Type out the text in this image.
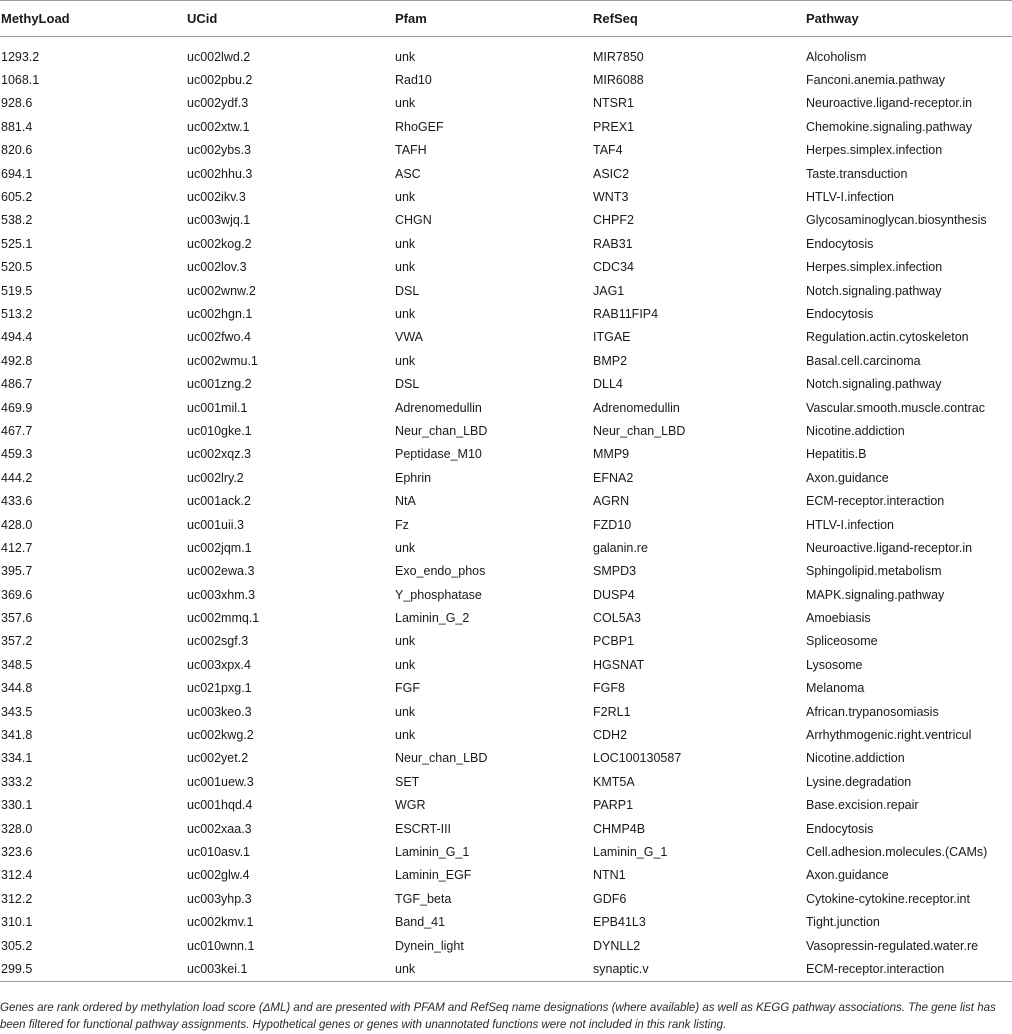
MethyLoad	UCid	Pfam	RefSeq	Pathway

1293.2	uc002lwd.2	unk	MIR7850	Alcoholism
1068.1	uc002pbu.2	Rad10	MIR6088	Fanconi.anemia.pathway
928.6	uc002ydf.3	unk	NTSR1	Neuroactive.ligand-receptor.in
881.4	uc002xtw.1	RhoGEF	PREX1	Chemokine.signaling.pathway
820.6	uc002ybs.3	TAFH	TAF4	Herpes.simplex.infection
694.1	uc002hhu.3	ASC	ASIC2	Taste.transduction
605.2	uc002ikv.3	unk	WNT3	HTLV-I.infection
538.2	uc003wjq.1	CHGN	CHPF2	Glycosaminoglycan.biosynthesis
525.1	uc002kog.2	unk	RAB31	Endocytosis
520.5	uc002lov.3	unk	CDC34	Herpes.simplex.infection
519.5	uc002wnw.2	DSL	JAG1	Notch.signaling.pathway
513.2	uc002hgn.1	unk	RAB11FIP4	Endocytosis
494.4	uc002fwo.4	VWA	ITGAE	Regulation.actin.cytoskeleton
492.8	uc002wmu.1	unk	BMP2	Basal.cell.carcinoma
486.7	uc001zng.2	DSL	DLL4	Notch.signaling.pathway
469.9	uc001mil.1	Adrenomedullin	Adrenomedullin	Vascular.smooth.muscle.contrac
467.7	uc010gke.1	Neur_chan_LBD	Neur_chan_LBD	Nicotine.addiction
459.3	uc002xqz.3	Peptidase_M10	MMP9	Hepatitis.B
444.2	uc002lry.2	Ephrin	EFNA2	Axon.guidance
433.6	uc001ack.2	NtA	AGRN	ECM-receptor.interaction
428.0	uc001uii.3	Fz	FZD10	HTLV-I.infection
412.7	uc002jqm.1	unk	galanin.re	Neuroactive.ligand-receptor.in
395.7	uc002ewa.3	Exo_endo_phos	SMPD3	Sphingolipid.metabolism
369.6	uc003xhm.3	Y_phosphatase	DUSP4	MAPK.signaling.pathway
357.6	uc002mmq.1	Laminin_G_2	COL5A3	Amoebiasis
357.2	uc002sgf.3	unk	PCBP1	Spliceosome
348.5	uc003xpx.4	unk	HGSNAT	Lysosome
344.8	uc021pxg.1	FGF	FGF8	Melanoma
343.5	uc003keo.3	unk	F2RL1	African.trypanosomiasis
341.8	uc002kwg.2	unk	CDH2	Arrhythmogenic.right.ventricul
334.1	uc002yet.2	Neur_chan_LBD	LOC100130587	Nicotine.addiction
333.2	uc001uew.3	SET	KMT5A	Lysine.degradation
330.1	uc001hqd.4	WGR	PARP1	Base.excision.repair
328.0	uc002xaa.3	ESCRT-III	CHMP4B	Endocytosis
323.6	uc010asv.1	Laminin_G_1	Laminin_G_1	Cell.adhesion.molecules.(CAMs)
312.4	uc002glw.4	Laminin_EGF	NTN1	Axon.guidance
312.2	uc003yhp.3	TGF_beta	GDF6	Cytokine-cytokine.receptor.int
310.1	uc002kmv.1	Band_41	EPB41L3	Tight.junction
305.2	uc010wnn.1	Dynein_light	DYNLL2	Vasopressin-regulated.water.re
299.5	uc003kei.1	unk	synaptic.v	ECM-receptor.interaction
Genes are rank ordered by methylation load score (ΔML) and are presented with PFAM and RefSeq name designations (where available) as well as KEGG pathway associations. The gene list has been filtered for functional pathway assignments. Hypothetical genes or genes with unannotated functions were not included in this rank listing.
